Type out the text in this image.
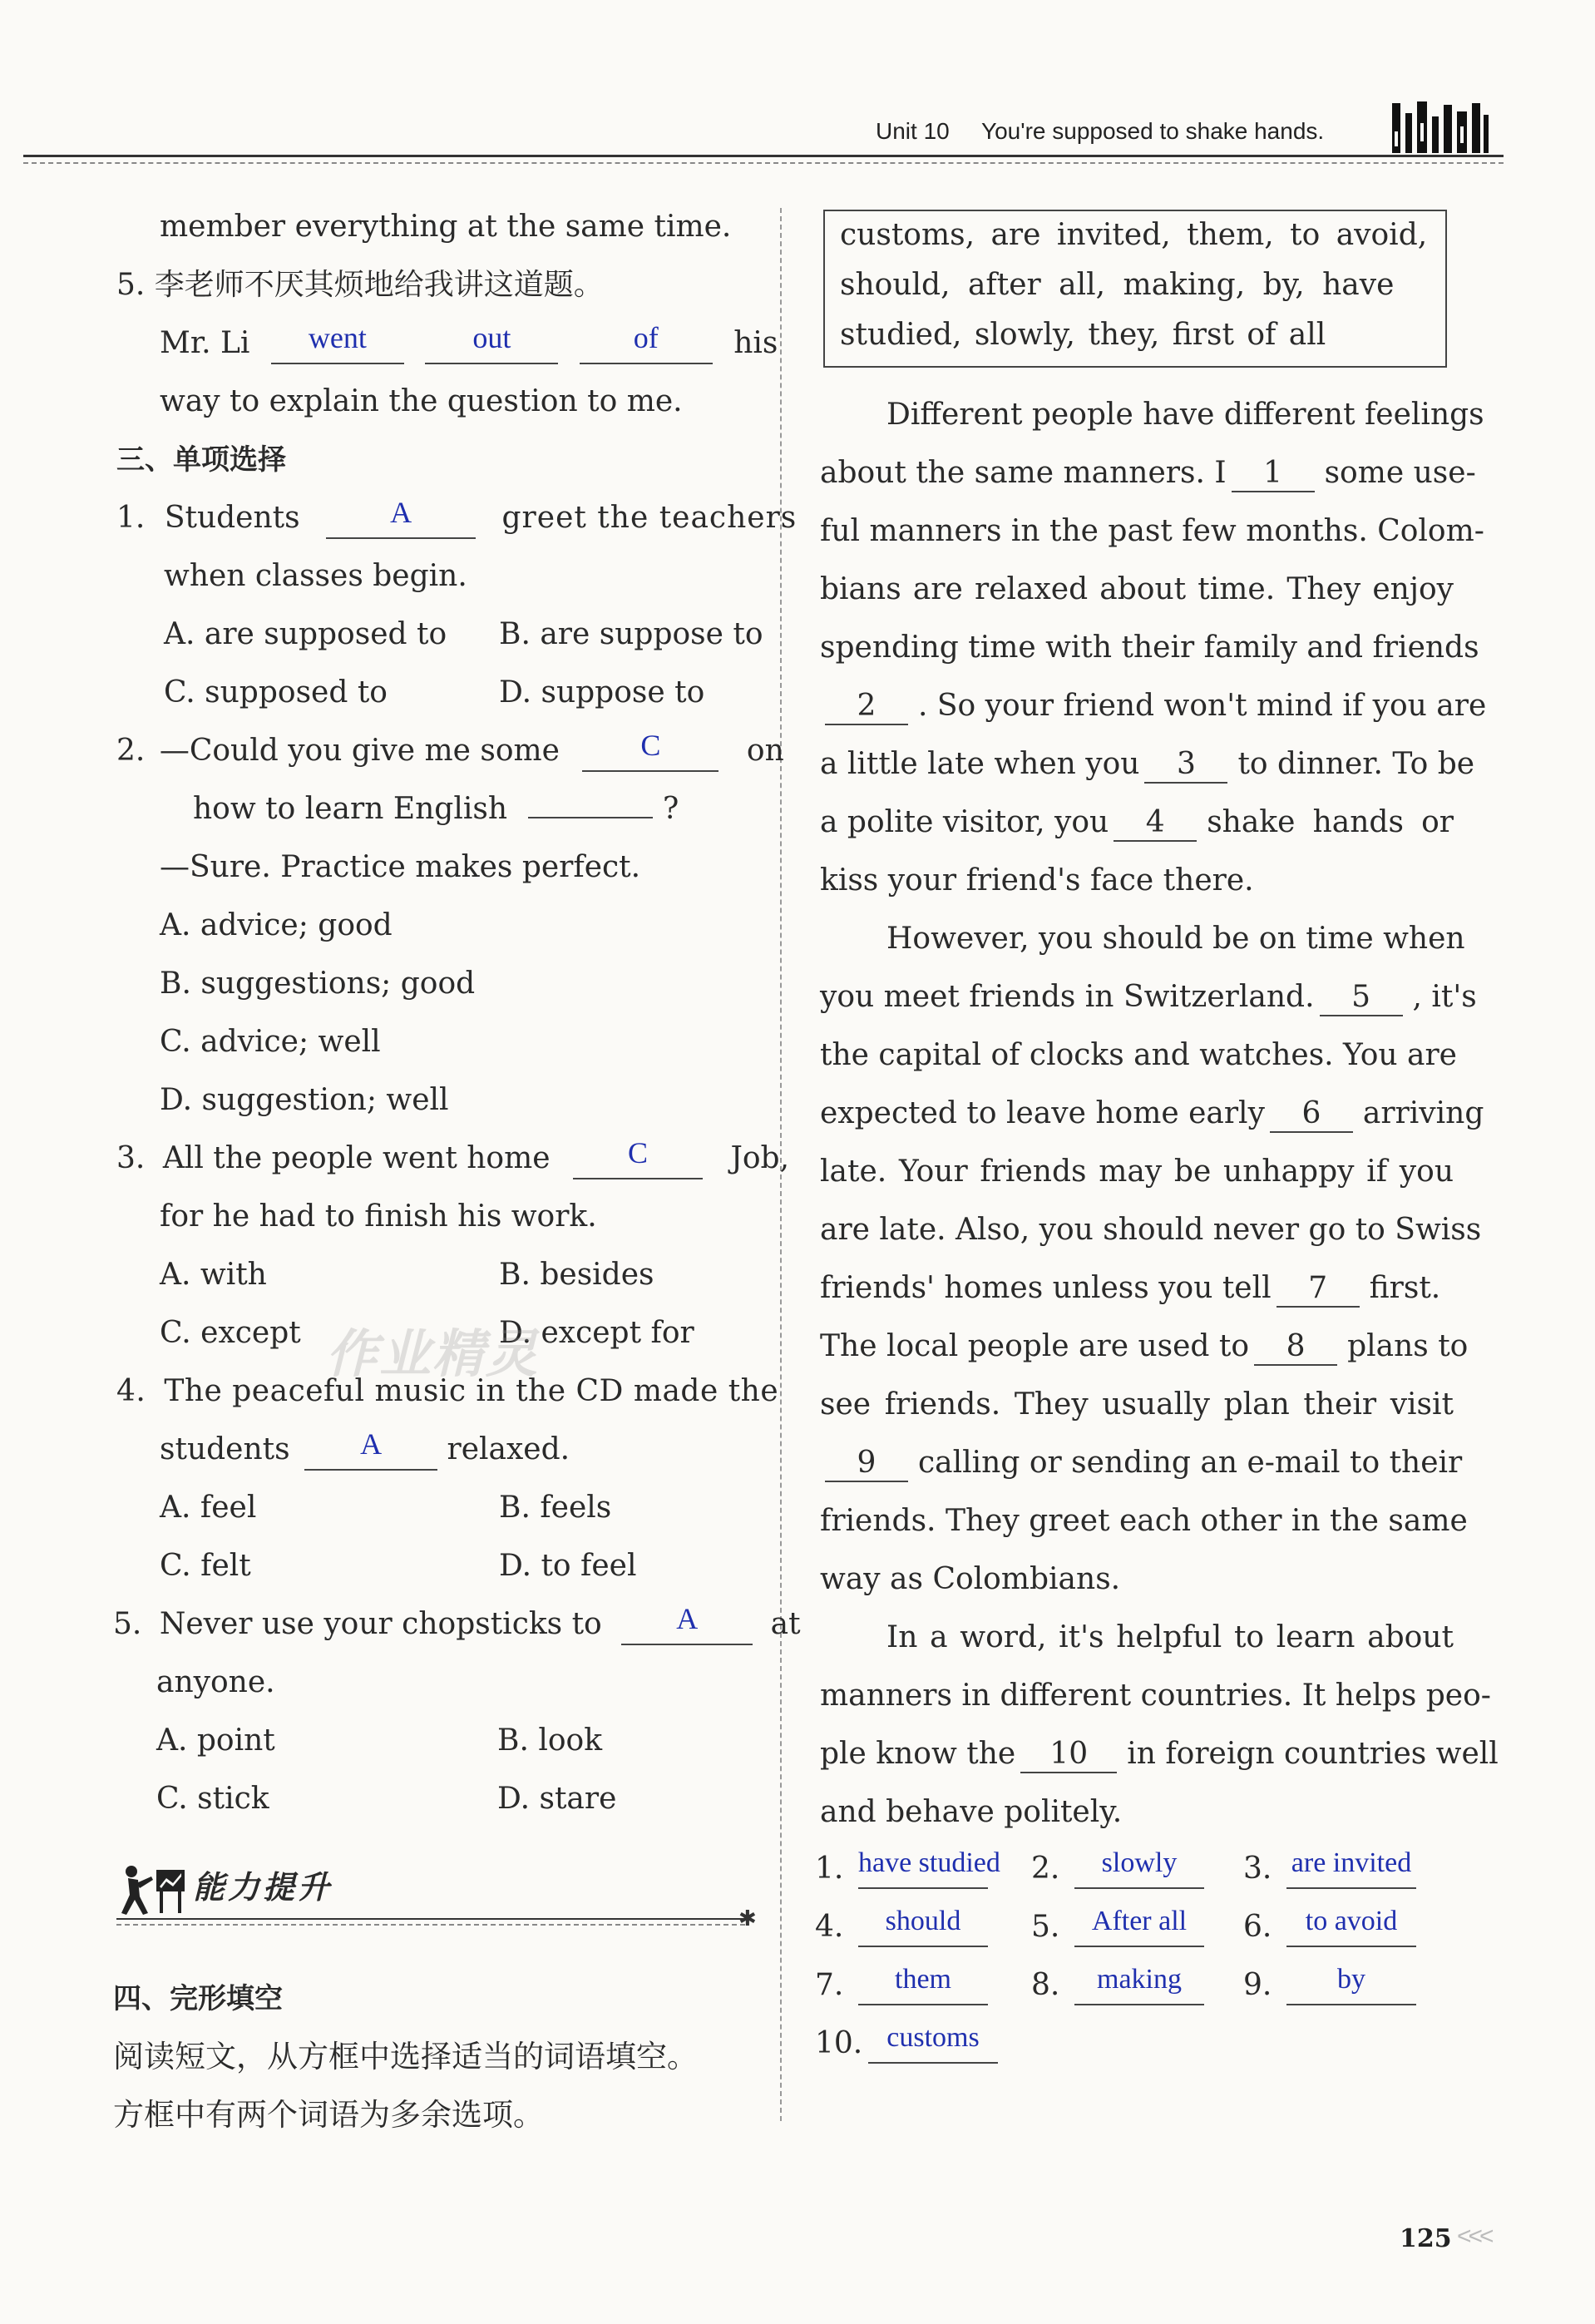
Unit 10 You're supposed to shake hands.
member everything at the same time.
5. 李老师不厌其烦地给我讲这道题。
Mr. Li went	out	of	his
way to explain the question to me.
三、单项选择
1. Students	A	greet the teachers
when classes begin.
A. are supposed to B. are suppose to
C. supposed to	D. suppose to
2. —Could you give me some	C	on
how to learn English	?
—Sure. Practice makes perfect.
A. advice; good
B. suggestions; good
C. advice; well
D. suggestion; well
3. All the people went home	C	Job,
for he had to finish his work.
A. with	B. besides
C. except	D. except for
作业精灵
4. The peaceful music in the CD made the
students A relaxed.
A. feel	B. feels
C. felt	D. to feel
5. Never use your chopsticks to A at
anyone.
A. point	B. look
C. stick	D. stare
能力提升
✱
四、完形填空
阅读短文，从方框中选择适当的词语填空。
方框中有两个词语为多余选项。
customs, are invited, them, to avoid,
should, after all, making, by, have
studied, slowly, they, first of all
Different people have different feelings
about the same manners. I	1	some use-
ful manners in the past few months. Colom-
bians are relaxed about time. They enjoy
spending time with their family and friends
2	. So your friend won't mind if you are
a little late when you	3	to dinner. To be
a polite visitor, you	4	shake hands or
kiss your friend's face there.
However, you should be on time when
you meet friends in Switzerland.	5	, it's
the capital of clocks and watches. You are
expected to leave home early	6	arriving
late. Your friends may be unhappy if you
are late. Also, you should never go to Swiss
friends' homes unless you tell	7	first.
The local people are used to	8	plans to
see friends. They usually plan their visit
9	calling or sending an e-mail to their
friends. They greet each other in the same
way as Colombians.
In a word, it's helpful to learn about
manners in different countries. It helps peo-
ple know the	10	in foreign countries well
and behave politely.
1. have studied 2. slowly	3. are invited
4. should	5. After all	6. to avoid
7. them	8. making	9. by
10. customs
125 <<<
